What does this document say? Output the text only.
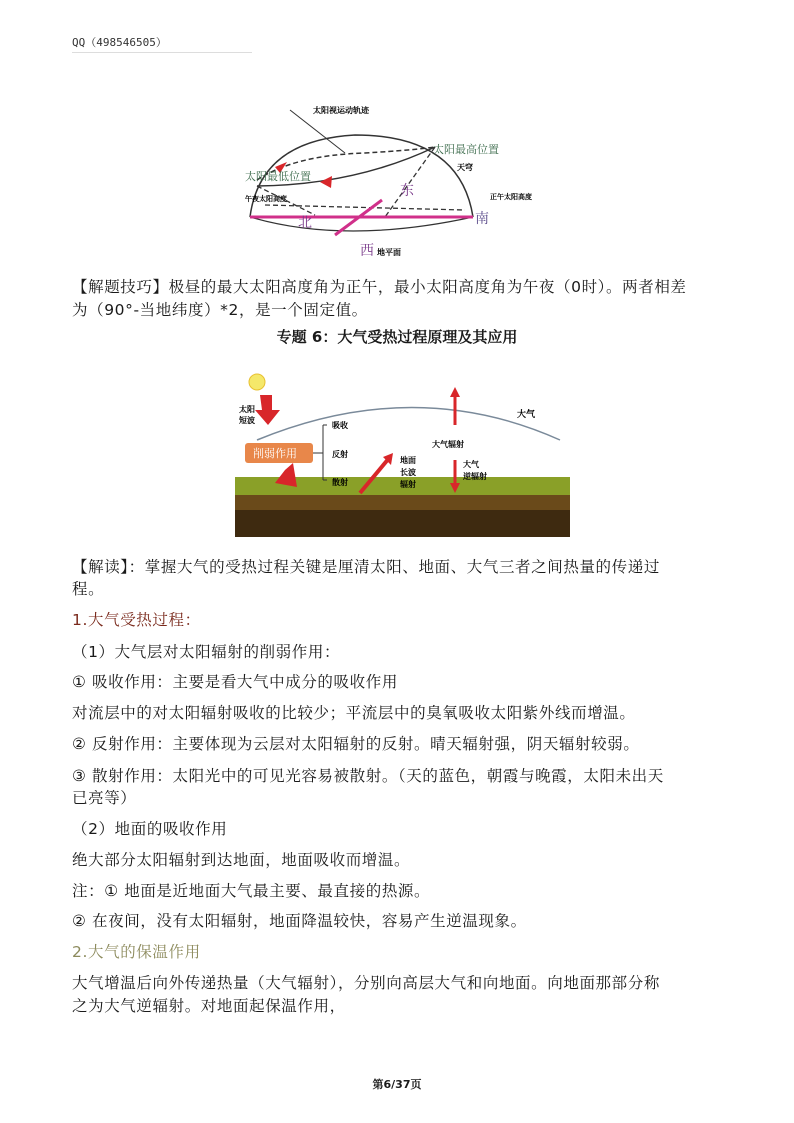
QQ（498546505）
太阳视运动轨迹
太阳最高位置
天穹
太阳最低位置
午夜太阳高度	正午太阳高度
北	南
东
西 地平面
【解题技巧】极昼的最大太阳高度角为正午，最小太阳高度角为午夜（0时）。两者相差
为（90°-当地纬度）*2，是一个固定值。
专题 6：大气受热过程原理及其应用
削弱作用
太阳
短波
吸收
反射
散射
地面
长波
辐射
大气辐射
大气
逆辐射
大气
【解读】：掌握大气的受热过程关键是厘清太阳、地面、大气三者之间热量的传递过
程。
1.大气受热过程：
（1）大气层对太阳辐射的削弱作用：
① 吸收作用：主要是看大气中成分的吸收作用
对流层中的对太阳辐射吸收的比较少；平流层中的臭氧吸收太阳紫外线而增温。
② 反射作用：主要体现为云层对太阳辐射的反射。晴天辐射强，阴天辐射较弱。
③ 散射作用：太阳光中的可见光容易被散射。（天的蓝色，朝霞与晚霞，太阳未出天
已亮等）
（2）地面的吸收作用
绝大部分太阳辐射到达地面，地面吸收而增温。
注：① 地面是近地面大气最主要、最直接的热源。
② 在夜间，没有太阳辐射，地面降温较快，容易产生逆温现象。
2.大气的保温作用
大气增温后向外传递热量（大气辐射），分别向高层大气和向地面。向地面那部分称
之为大气逆辐射。对地面起保温作用，
第6/37页
